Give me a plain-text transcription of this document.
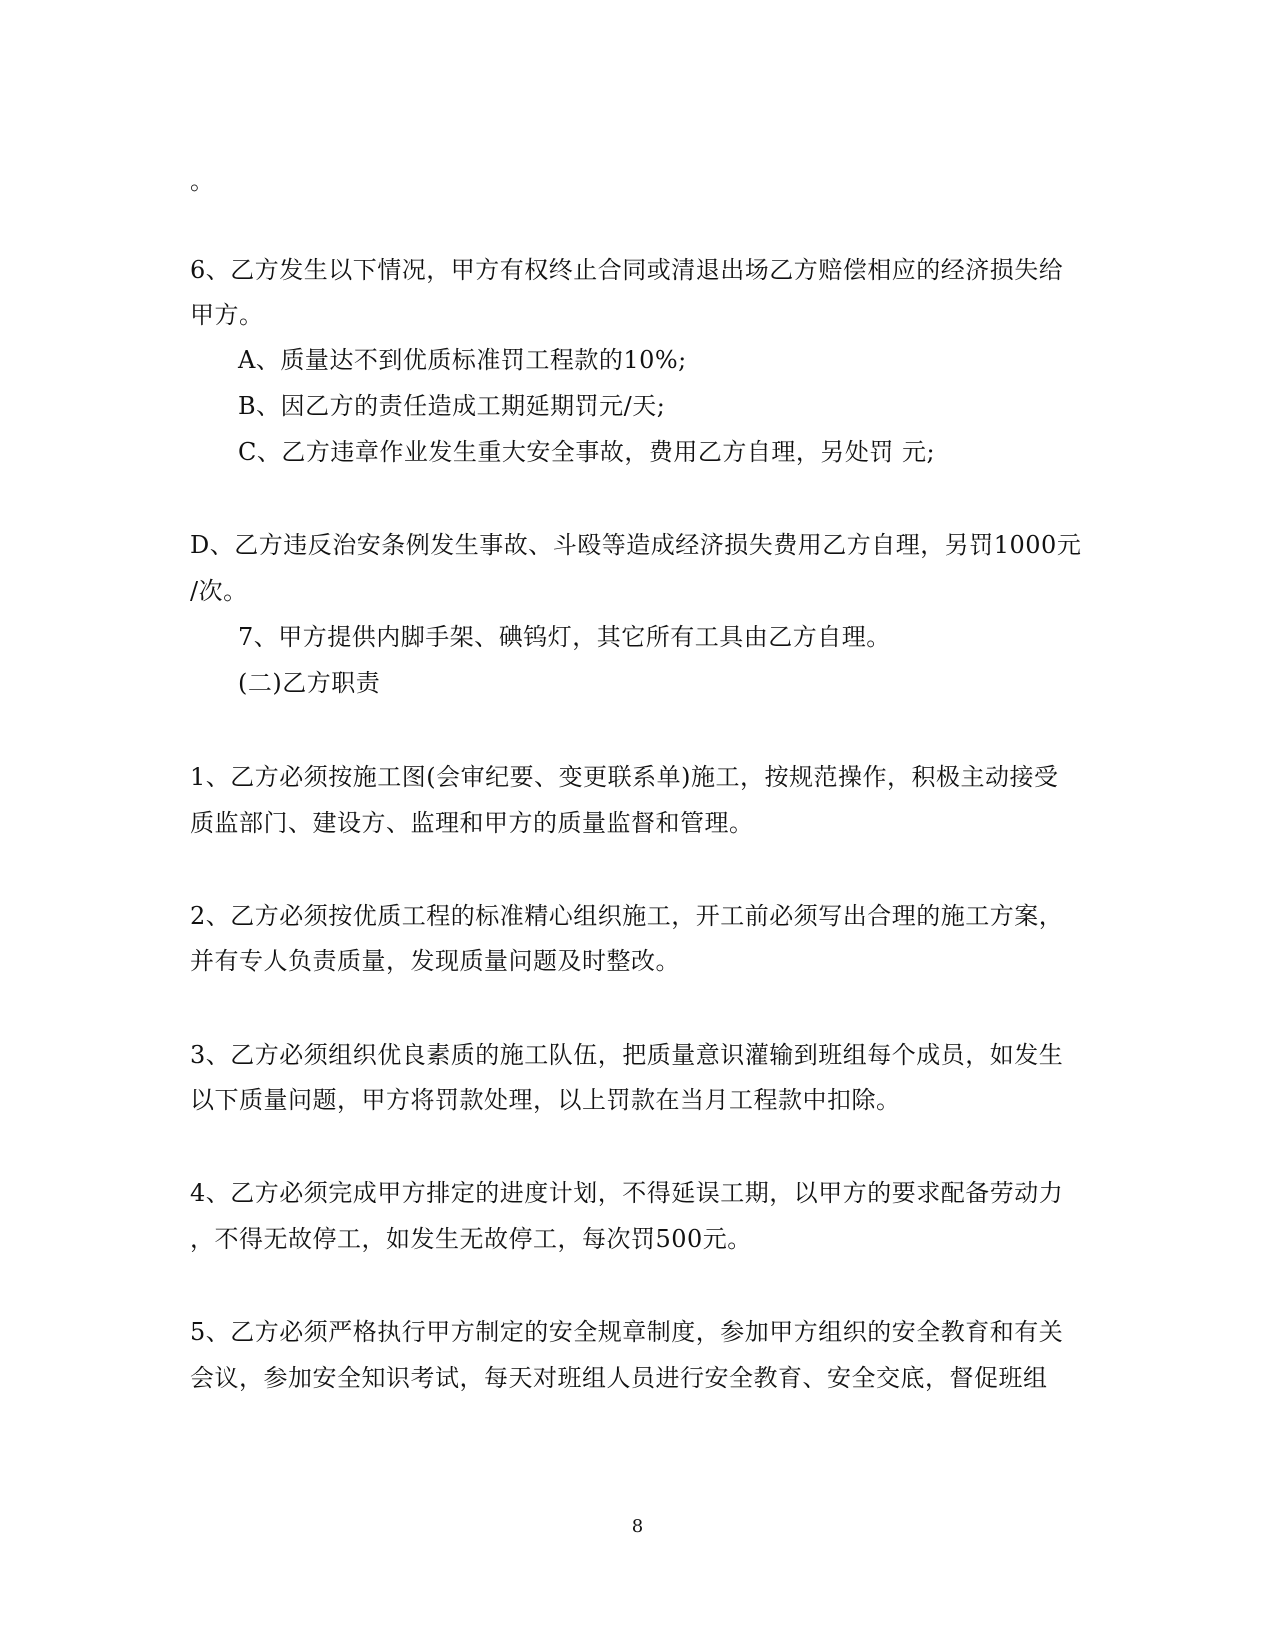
。
6、乙方发生以下情况，甲方有权终止合同或清退出场乙方赔偿相应的经济损失给
甲方。
A、质量达不到优质标准罚工程款的10%;
B、因乙方的责任造成工期延期罚元/天;
C、乙方违章作业发生重大安全事故，费用乙方自理，另处罚 元;
D、乙方违反治安条例发生事故、斗殴等造成经济损失费用乙方自理，另罚1000元
/次。
7、甲方提供内脚手架、碘钨灯，其它所有工具由乙方自理。
(二)乙方职责
1、乙方必须按施工图(会审纪要、变更联系单)施工，按规范操作，积极主动接受
质监部门、建设方、监理和甲方的质量监督和管理。
2、乙方必须按优质工程的标准精心组织施工，开工前必须写出合理的施工方案，
并有专人负责质量，发现质量问题及时整改。
3、乙方必须组织优良素质的施工队伍，把质量意识灌输到班组每个成员，如发生
以下质量问题，甲方将罚款处理，以上罚款在当月工程款中扣除。
4、乙方必须完成甲方排定的进度计划，不得延误工期，以甲方的要求配备劳动力
，不得无故停工，如发生无故停工，每次罚500元。
5、乙方必须严格执行甲方制定的安全规章制度，参加甲方组织的安全教育和有关
会议，参加安全知识考试，每天对班组人员进行安全教育、安全交底，督促班组
8
